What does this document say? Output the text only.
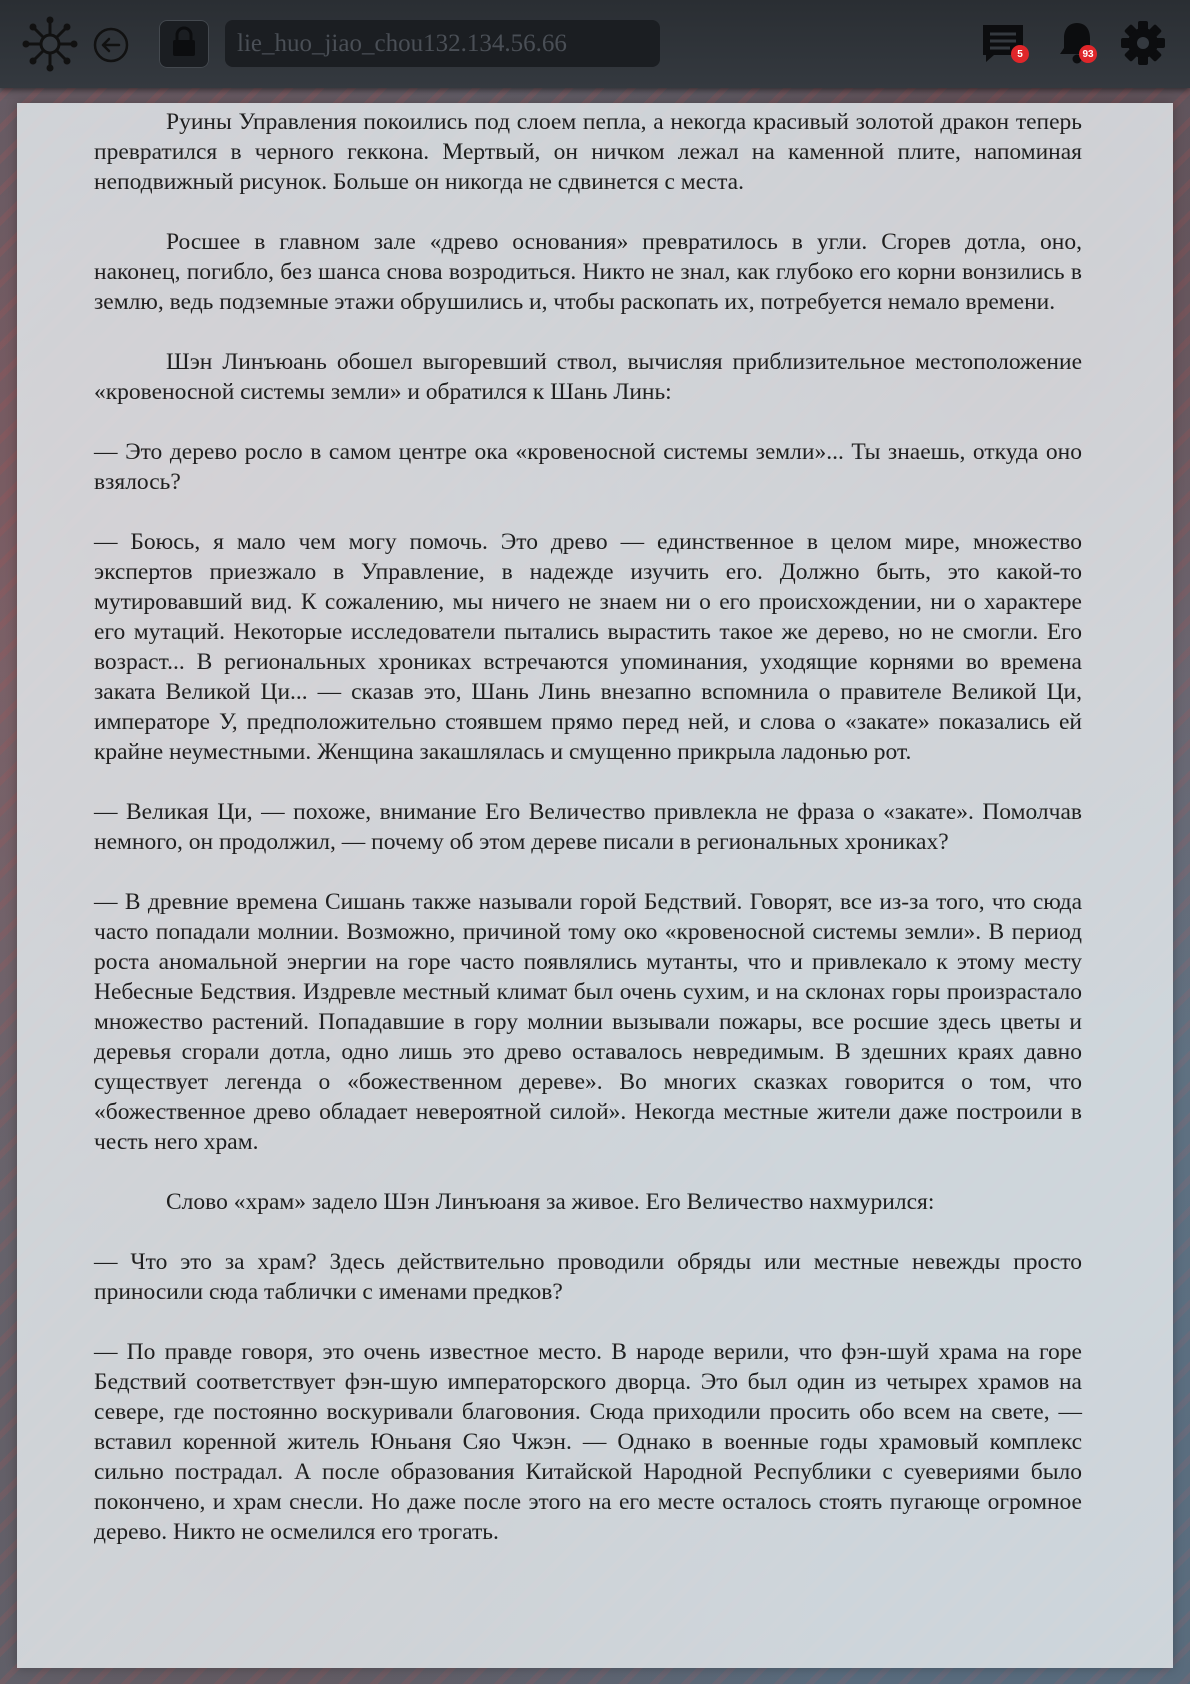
lie_huo_jiao_chou132.134.56.66
5	93

Руины Управления покоились под слоем пепла, а некогда красивый золотой дракон теперь превратился в черного геккона. Мертвый, он ничком лежал на каменной плите, напоминая неподвижный рисунок. Больше он никогда не сдвинется с места.

Росшее в главном зале «древо основания» превратилось в угли. Сгорев дотла, оно, наконец, погибло, без шанса снова возродиться. Никто не знал, как глубоко его корни вонзились в землю, ведь подземные этажи обрушились и, чтобы раскопать их, потребуется немало времени.

Шэн Линъюань обошел выгоревший ствол, вычисляя приблизительное местоположение «кровеносной системы земли» и обратился к Шань Линь:

— Это дерево росло в самом центре ока «кровеносной системы земли»... Ты знаешь, откуда оно взялось?

— Боюсь, я мало чем могу помочь. Это древо — единственное в целом мире, множество экспертов приезжало в Управление, в надежде изучить его. Должно быть, это какой-то мутировавший вид. К сожалению, мы ничего не знаем ни о его происхождении, ни о характере его мутаций. Некоторые исследователи пытались вырастить такое же дерево, но не смогли. Его возраст... В региональных хрониках встречаются упоминания, уходящие корнями во времена заката Великой Ци... — сказав это, Шань Линь внезапно вспомнила о правителе Великой Ци, императоре У, предположительно стоявшем прямо перед ней, и слова о «закате» показались ей крайне неуместными. Женщина закашлялась и смущенно прикрыла ладонью рот.

— Великая Ци, — похоже, внимание Его Величество привлекла не фраза о «закате». Помолчав немного, он продолжил, — почему об этом дереве писали в региональных хрониках?

— В древние времена Сишань также называли горой Бедствий. Говорят, все из-за того, что сюда часто попадали молнии. Возможно, причиной тому око «кровеносной системы земли». В период роста аномальной энергии на горе часто появлялись мутанты, что и привлекало к этому месту Небесные Бедствия. Издревле местный климат был очень сухим, и на склонах горы произрастало множество растений. Попадавшие в гору молнии вызывали пожары, все росшие здесь цветы и деревья сгорали дотла, одно лишь это древо оставалось невредимым. В здешних краях давно существует легенда о «божественном дереве». Во многих сказках говорится о том, что «божественное древо обладает невероятной силой». Некогда местные жители даже построили в честь него храм.

Слово «храм» задело Шэн Линъюаня за живое. Его Величество нахмурился:

— Что это за храм? Здесь действительно проводили обряды или местные невежды просто приносили сюда таблички с именами предков?

— По правде говоря, это очень известное место. В народе верили, что фэн-шуй храма на горе Бедствий соответствует фэн-шую императорского дворца. Это был один из четырех храмов на севере, где постоянно воскуривали благовония. Сюда приходили просить обо всем на свете, — вставил коренной житель Юньаня Сяо Чжэн. — Однако в военные годы храмовый комплекс сильно пострадал. А после образования Китайской Народной Республики с суевериями было покончено, и храм снесли. Но даже после этого на его месте осталось стоять пугающе огромное дерево. Никто не осмелился его трогать.
